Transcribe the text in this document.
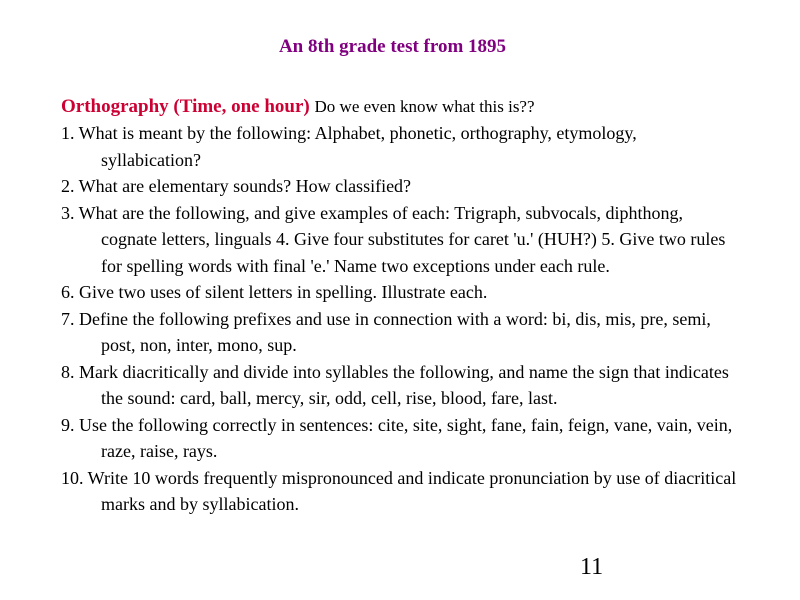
An 8th grade test from 1895
Orthography (Time, one hour) Do we even know what this is??
1. What is meant by the following: Alphabet, phonetic, orthography, etymology, syllabication?
2. What are elementary sounds? How classified?
3. What are the following, and give examples of each: Trigraph, subvocals, diphthong, cognate letters, linguals 4. Give four substitutes for caret 'u.' (HUH?) 5. Give two rules for spelling words with final 'e.' Name two exceptions under each rule.
6. Give two uses of silent letters in spelling. Illustrate each.
7. Define the following prefixes and use in connection with a word: bi, dis, mis, pre, semi, post, non, inter, mono, sup.
8. Mark diacritically and divide into syllables the following, and name the sign that indicates the sound: card, ball, mercy, sir, odd, cell, rise, blood, fare, last.
9. Use the following correctly in sentences: cite, site, sight, fane, fain, feign, vane, vain, vein, raze, raise, rays.
10. Write 10 words frequently mispronounced and indicate pronunciation by use of diacritical marks and by syllabication.
11
